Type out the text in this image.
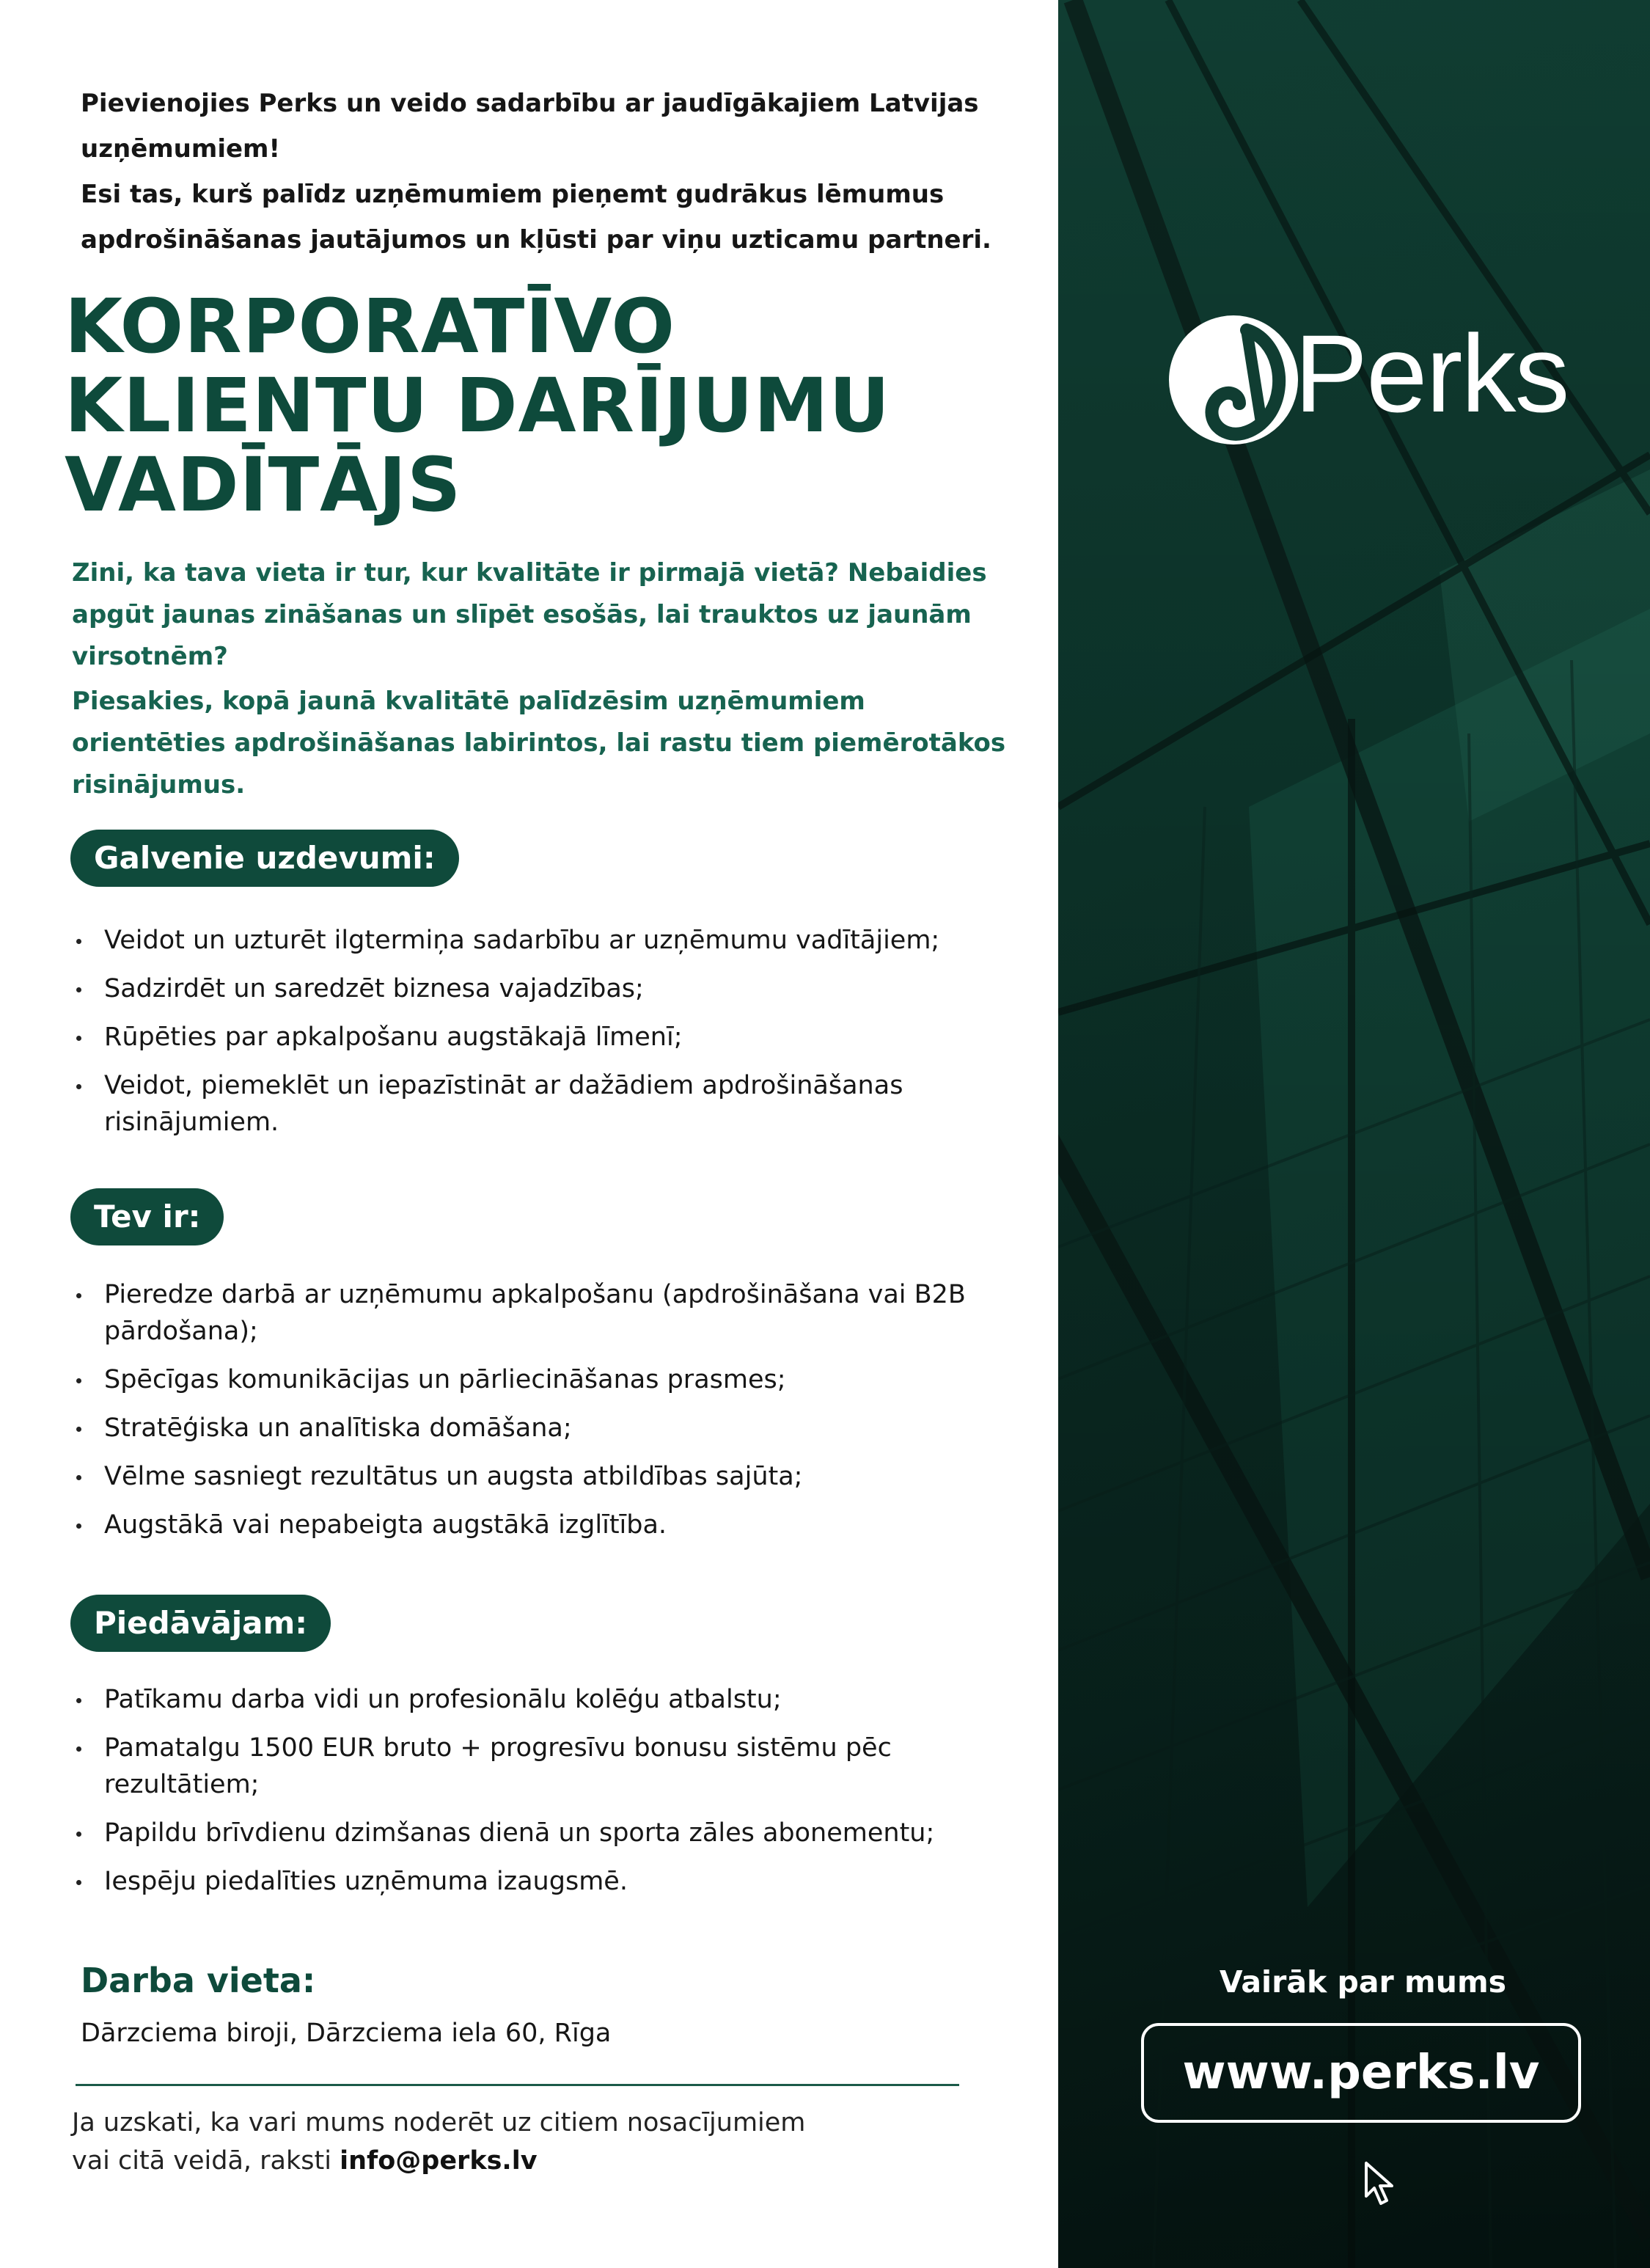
Pievienojies Perks un veido sadarbību ar jaudīgākajiem Latvijas uzņēmumiem!

Esi tas, kurš palīdz uzņēmumiem pieņemt gudrākus lēmumus apdrošināšanas jautājumos un kļūsti par viņu uzticamu partneri.

KORPORATĪVO
KLIENTU DARĪJUMU
VADĪTĀJS

Zini, ka tava vieta ir tur, kur kvalitāte ir pirmajā vietā? Nebaidies apgūt jaunas zināšanas un slīpēt esošās, lai trauktos uz jaunām virsotnēm?

Piesakies, kopā jaunā kvalitātē palīdzēsim uzņēmumiem orientēties apdrošināšanas labirintos, lai rastu tiem piemērotākos risinājumus.

Galvenie uzdevumi:
Veidot un uzturēt ilgtermiņa sadarbību ar uzņēmumu vadītājiem;
Sadzirdēt un saredzēt biznesa vajadzības;
Rūpēties par apkalpošanu augstākajā līmenī;
Veidot, piemeklēt un iepazīstināt ar dažādiem apdrošināšanas risinājumiem.
Tev ir:
Pieredze darbā ar uzņēmumu apkalpošanu (apdrošināšana vai B2B pārdošana);
Spēcīgas komunikācijas un pārliecināšanas prasmes;
Stratēģiska un analītiska domāšana;
Vēlme sasniegt rezultātus un augsta atbildības sajūta;
Augstākā vai nepabeigta augstākā izglītība.
Piedāvājam:
Patīkamu darba vidi un profesionālu kolēģu atbalstu;
Pamatalgu 1500 EUR bruto + progresīvu bonusu sistēmu pēc rezultātiem;
Papildu brīvdienu dzimšanas dienā un sporta zāles abonementu;
Iespēju piedalīties uzņēmuma izaugsmē.
Darba vieta:
Dārzciema biroji, Dārzciema iela 60, Rīga
Ja uzskati, ka vari mums noderēt uz citiem nosacījumiem
vai citā veidā, raksti info@perks.lv
Perks
Vairāk par mums
www.perks.lv
